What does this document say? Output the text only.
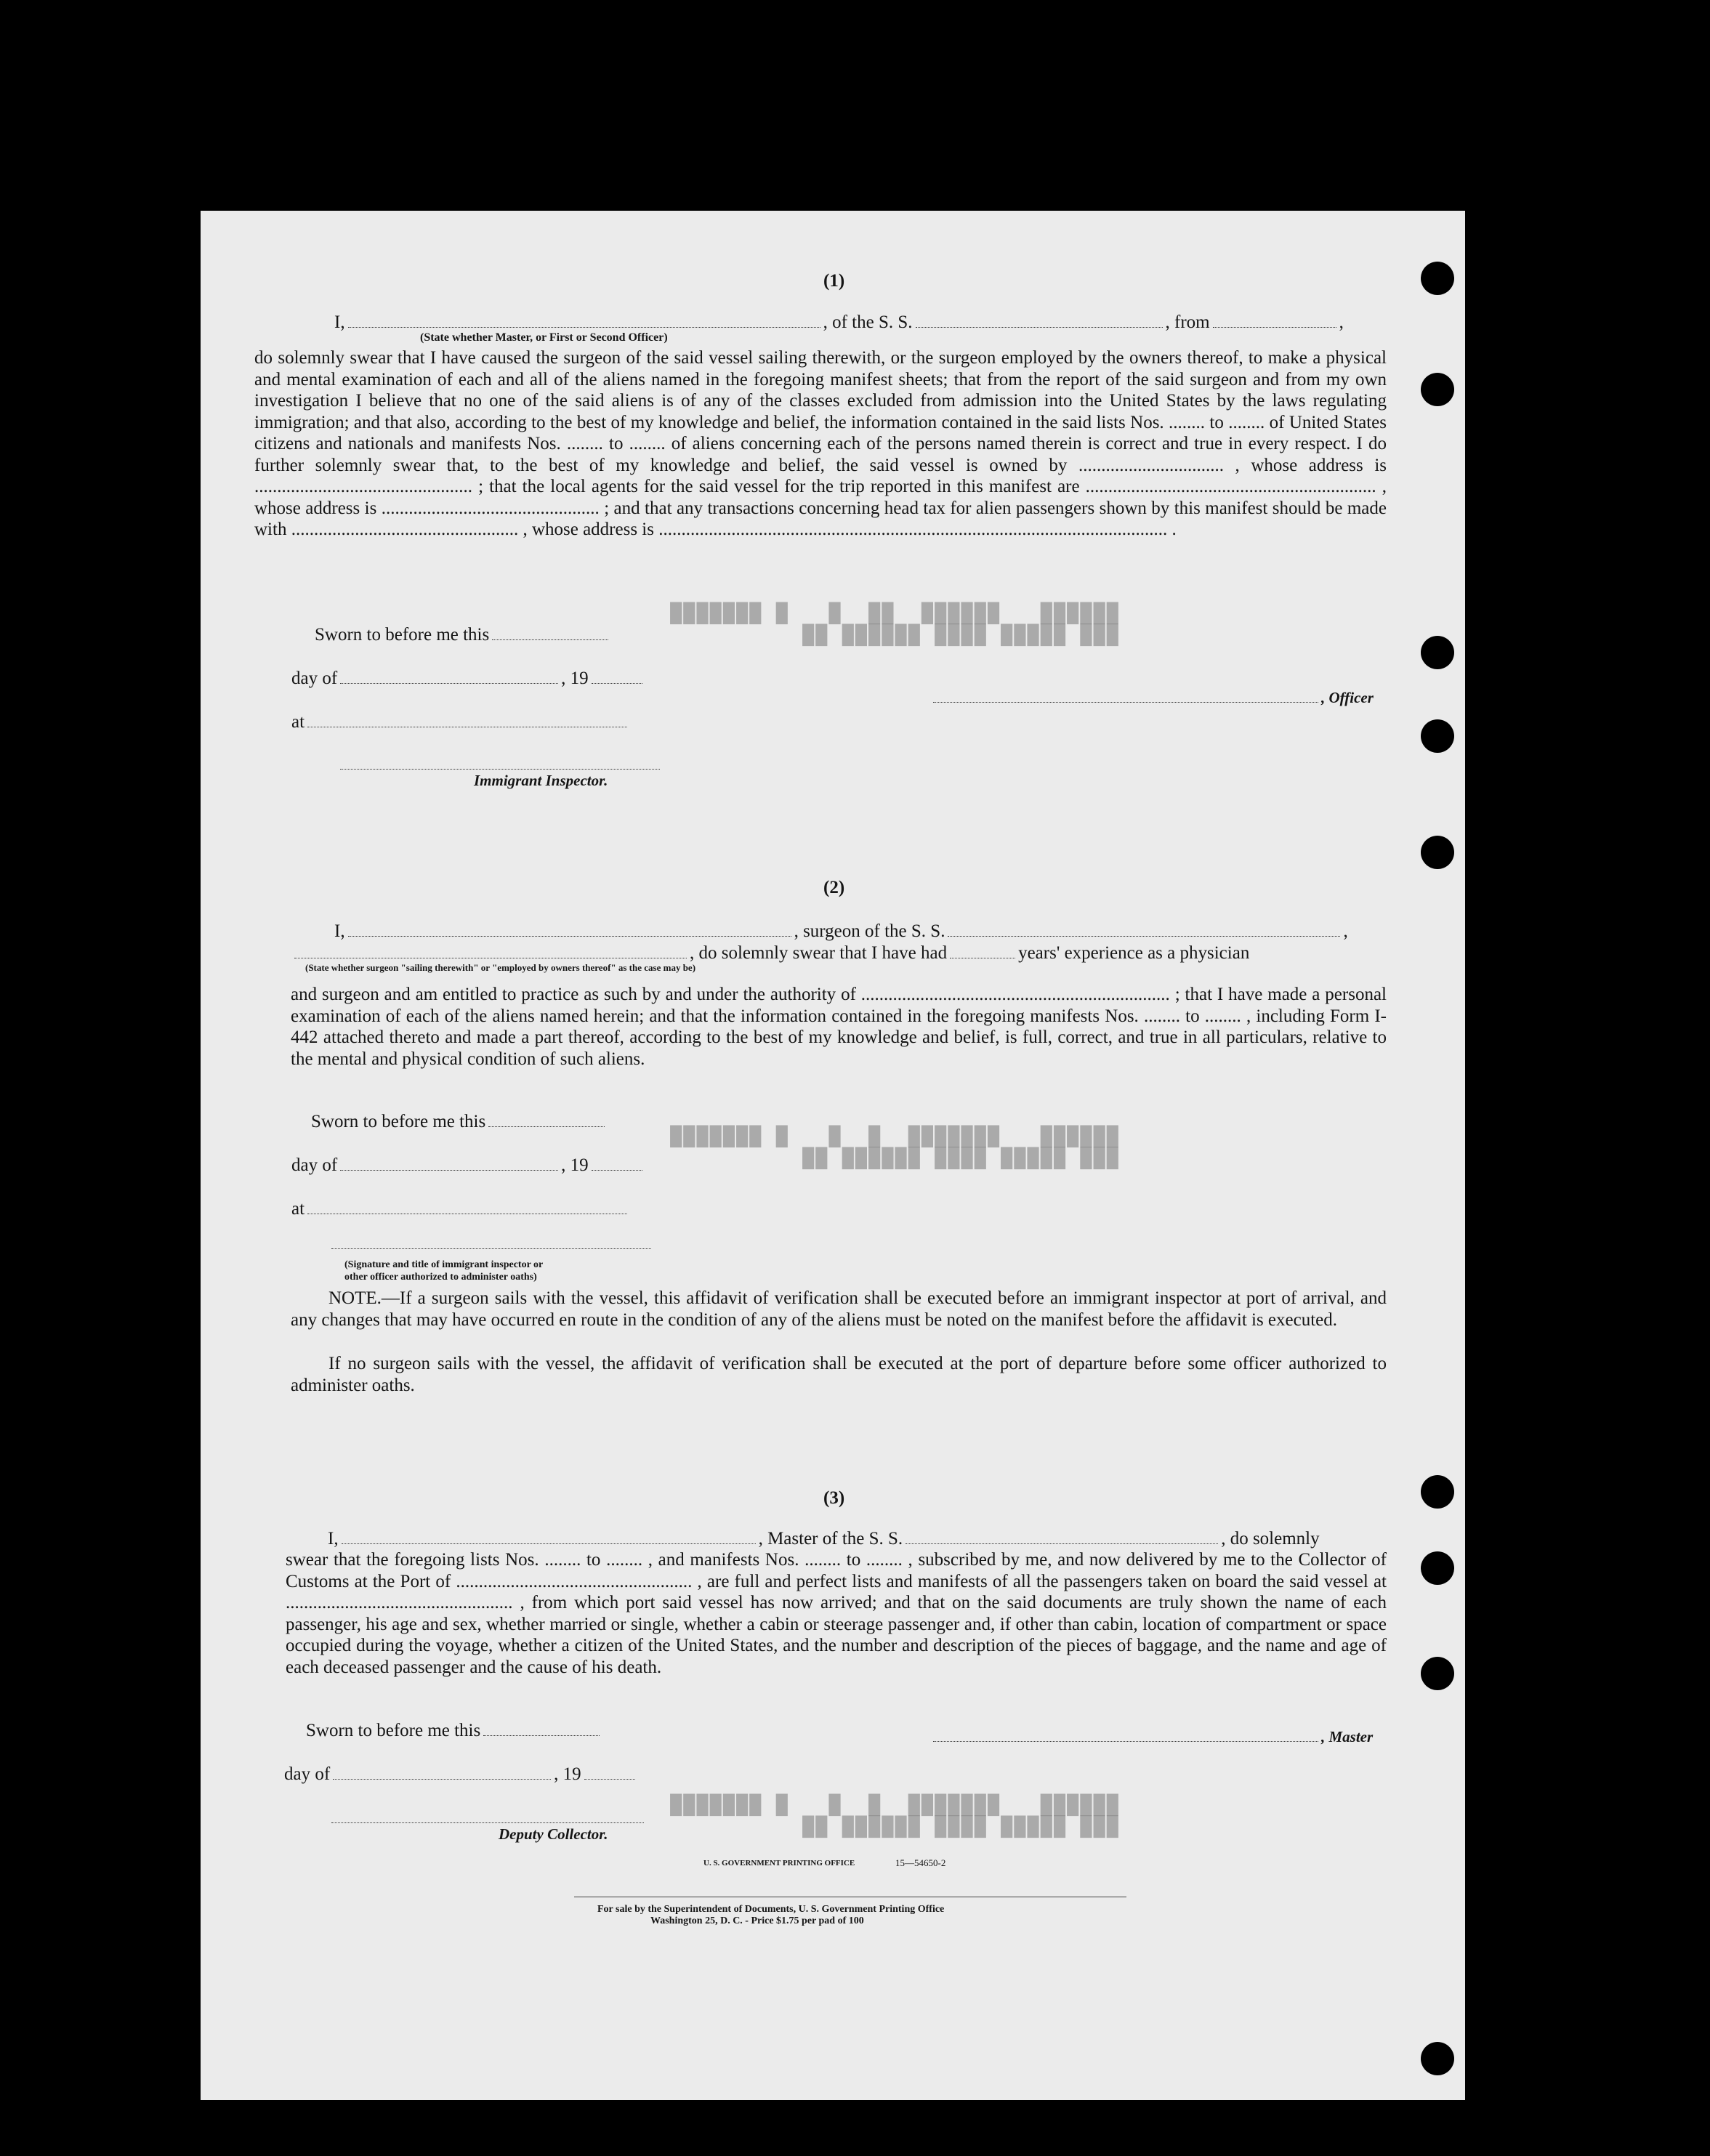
██████   ██████  ██  █   █ ███████
███ █████ ████ ██████ ██
██████   ███████  █  █   █ ███████
███ █████ ████ ██████ ██
██████   ███████  █  █   █ ███████
███ █████ ████ ██████ ██
(1)
I,	, of the S. S.	, from	,
(State whether Master, or First or Second Officer)
do solemnly swear that I have caused the surgeon of the said vessel sailing therewith, or the surgeon employed by the owners thereof, to make a physical and mental examination of each and all of the aliens named in the foregoing manifest sheets; that from the report of the said surgeon and from my own investigation I believe that no one of the said aliens is of any of the classes excluded from admission into the United States by the laws regulating immigration; and that also, according to the best of my knowledge and belief, the information contained in the said lists Nos. ........ to ........ of United States citizens and nationals and manifests Nos. ........ to ........ of aliens concerning each of the persons named therein is correct and true in every respect. I do further solemnly swear that, to the best of my knowledge and belief, the said vessel is owned by ................................ , whose address is ................................................ ; that the local agents for the said vessel for the trip reported in this manifest are ................................................................ , whose address is ................................................ ; and that any transactions concerning head tax for alien passengers shown by this manifest should be made with .................................................. , whose address is ................................................................................................................ .
Sworn to before me this
day of	, 19
, Officer
at
Immigrant Inspector.
(2)
I,	, surgeon of the S. S.	,
, do solemnly swear that I have had	years' experience as a physician
(State whether surgeon "sailing therewith" or "employed by owners thereof" as the case may be)
and surgeon and am entitled to practice as such by and under the authority of .................................................................... ; that I have made a personal examination of each of the aliens named herein; and that the information contained in the foregoing manifests Nos. ........ to ........ , including Form I-442 attached thereto and made a part thereof, according to the best of my knowledge and belief, is full, correct, and true in all particulars, relative to the mental and physical condition of such aliens.
Sworn to before me this
day of	, 19
at
(Signature and title of immigrant inspector or
other officer authorized to administer oaths)
NOTE.—If a surgeon sails with the vessel, this affidavit of verification shall be executed before an immigrant inspector at port of arrival, and any changes that may have occurred en route in the condition of any of the aliens must be noted on the manifest before the affidavit is executed.
If no surgeon sails with the vessel, the affidavit of verification shall be executed at the port of departure before some officer authorized to administer oaths.
(3)
I,	, Master of the S. S.	, do solemnly
swear that the foregoing lists Nos. ........ to ........ , and manifests Nos. ........ to ........ , subscribed by me, and now delivered by me to the Collector of Customs at the Port of .................................................... , are full and perfect lists and manifests of all the passengers taken on board the said vessel at .................................................. , from which port said vessel has now arrived; and that on the said documents are truly shown the name of each passenger, his age and sex, whether married or single, whether a cabin or steerage passenger and, if other than cabin, location of compartment or space occupied during the voyage, whether a citizen of the United States, and the number and description of the pieces of baggage, and the name and age of each deceased passenger and the cause of his death.
Sworn to before me this	, Master
day of	, 19
Deputy Collector.
U. S. GOVERNMENT PRINTING OFFICE	15—54650-2
For sale by the Superintendent of Documents, U. S. Government Printing Office
Washington 25, D. C. - Price $1.75 per pad of 100
